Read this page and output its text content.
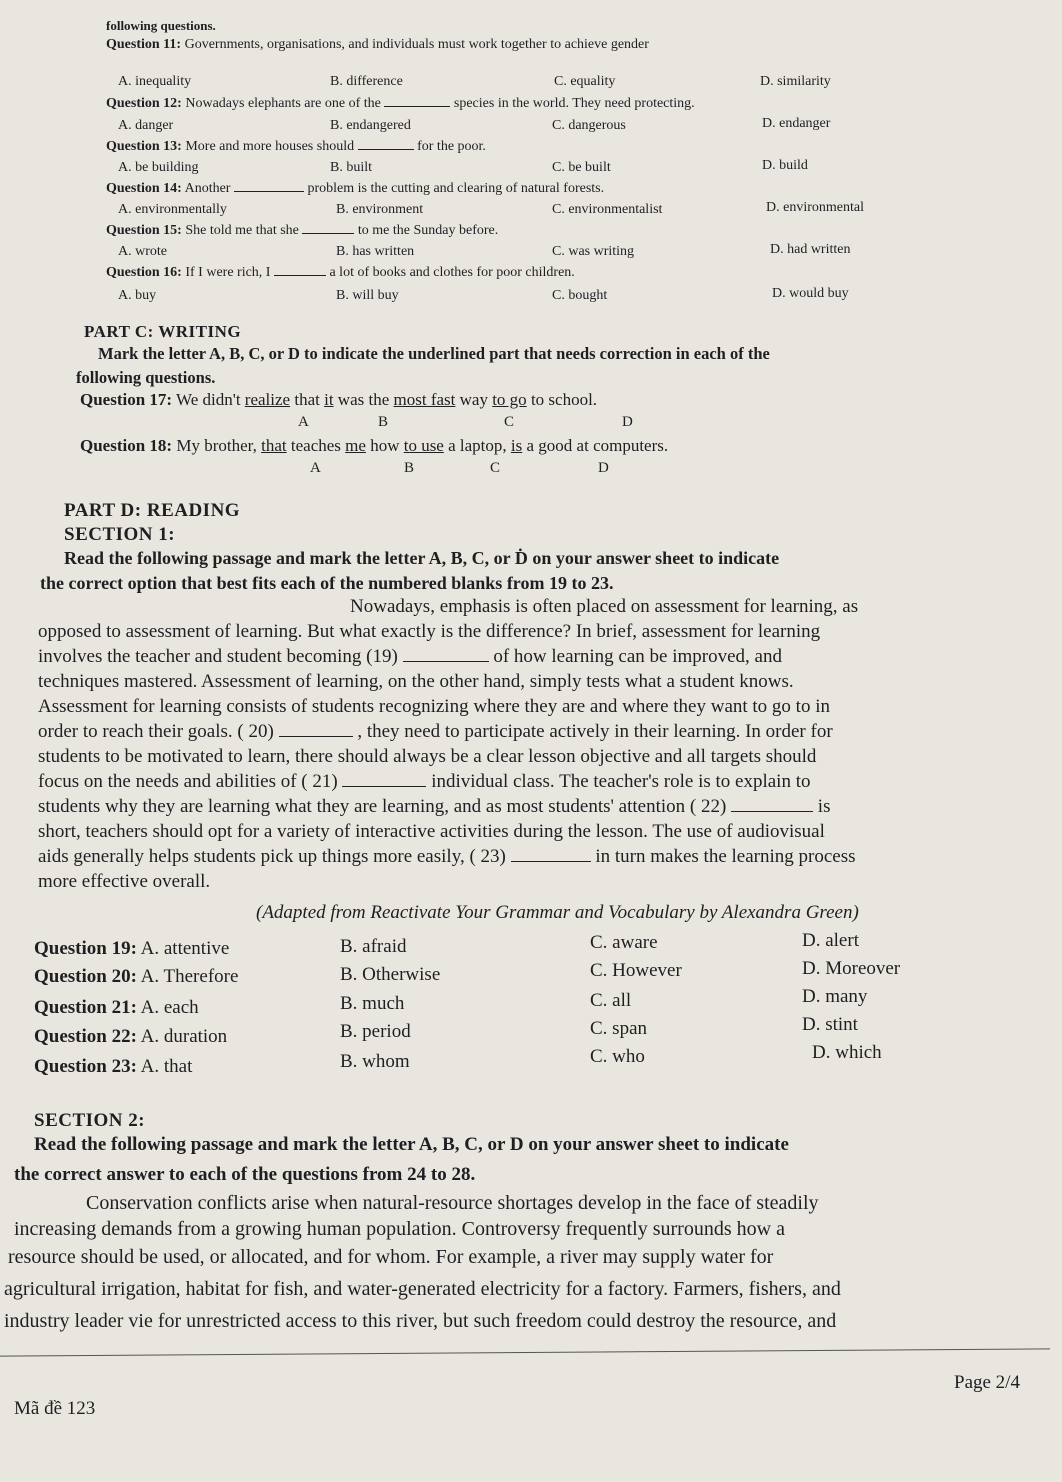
following questions.
Question 11: Governments, organisations, and individuals must work together to achieve gender
A. inequality	B. difference	C. equality	D. similarity
Question 12: Nowadays elephants are one of the	species in the world. They need protecting.
A. danger	B. endangered	C. dangerous	D. endanger
Question 13: More and more houses should	for the poor.
A. be building	B. built	C. be built	D. build
Question 14: Another	problem is the cutting and clearing of natural forests.
A. environmentally	B. environment	C. environmentalist	D. environmental
Question 15: She told me that she	to me the Sunday before.
A. wrote	B. has written	C. was writing	D. had written
Question 16: If I were rich, I	a lot of books and clothes for poor children.
A. buy	B. will buy	C. bought	D. would buy
PART C: WRITING
Mark the letter A, B, C, or D to indicate the underlined part that needs correction in each of the
following questions.
Question 17: We didn't realize that it was the most fast way to go to school.
A	B	C	D
Question 18: My brother, that teaches me how to use a laptop, is a good at computers.
A	B	C	D
PART D: READING
SECTION 1:
Read the following passage and mark the letter A, B, C, or Ḋ on your answer sheet to indicate
the correct option that best fits each of the numbered blanks from 19 to 23.
Nowadays, emphasis is often placed on assessment for learning, as
opposed to assessment of learning. But what exactly is the difference? In brief, assessment for learning
involves the teacher and student becoming (19)	of how learning can be improved, and
techniques mastered. Assessment of learning, on the other hand, simply tests what a student knows.
Assessment for learning consists of students recognizing where they are and where they want to go to in
order to reach their goals. ( 20)	, they need to participate actively in their learning. In order for
students to be motivated to learn, there should always be a clear lesson objective and all targets should
focus on the needs and abilities of ( 21)	individual class. The teacher's role is to explain to
students why they are learning what they are learning, and as most students' attention ( 22)	is
short, teachers should opt for a variety of interactive activities during the lesson. The use of audiovisual
aids generally helps students pick up things more easily, ( 23)	in turn makes the learning process
more effective overall.
(Adapted from Reactivate Your Grammar and Vocabulary by Alexandra Green)
Question 19: A. attentive	B. afraid	C. aware	D. alert
Question 20: A. Therefore	B. Otherwise	C. However	D. Moreover
Question 21: A. each	B. much	C. all	D. many
Question 22: A. duration	B. period	C. span	D. stint
Question 23: A. that	B. whom	C. who	D. which
SECTION 2:
Read the following passage and mark the letter A, B, C, or D on your answer sheet to indicate
the correct answer to each of the questions from 24 to 28.
Conservation conflicts arise when natural-resource shortages develop in the face of steadily
increasing demands from a growing human population. Controversy frequently surrounds how a
resource should be used, or allocated, and for whom. For example, a river may supply water for
agricultural irrigation, habitat for fish, and water-generated electricity for a factory. Farmers, fishers, and
industry leader vie for unrestricted access to this river, but such freedom could destroy the resource, and
Page 2/4
Mã đề 123
